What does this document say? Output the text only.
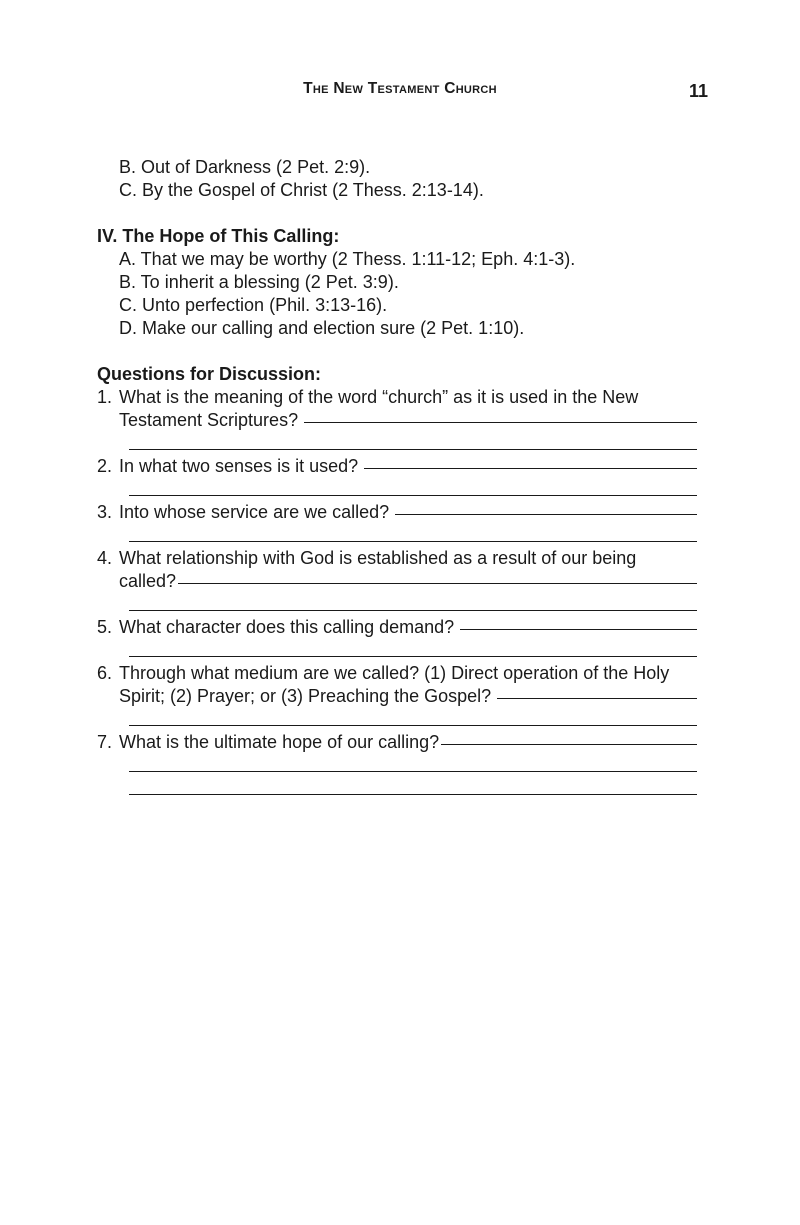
The New Testament Church	11
B. Out of Darkness (2 Pet. 2:9).
C. By the Gospel of Christ (2 Thess. 2:13-14).
IV. The Hope of This Calling:
A. That we may be worthy (2 Thess. 1:11-12; Eph. 4:1-3).
B. To inherit a blessing (2 Pet. 3:9).
C. Unto perfection (Phil. 3:13-16).
D. Make our calling and election sure (2 Pet. 1:10).
Questions for Discussion:
1. What is the meaning of the word “church” as it is used in the New
Testament Scriptures?
2. In what two senses is it used?
3. Into whose service are we called?
4. What relationship with God is established as a result of our being
called?
5. What character does this calling demand?
6. Through what medium are we called? (1) Direct operation of the Holy
Spirit; (2) Prayer; or (3) Preaching the Gospel?
7. What is the ultimate hope of our calling?
